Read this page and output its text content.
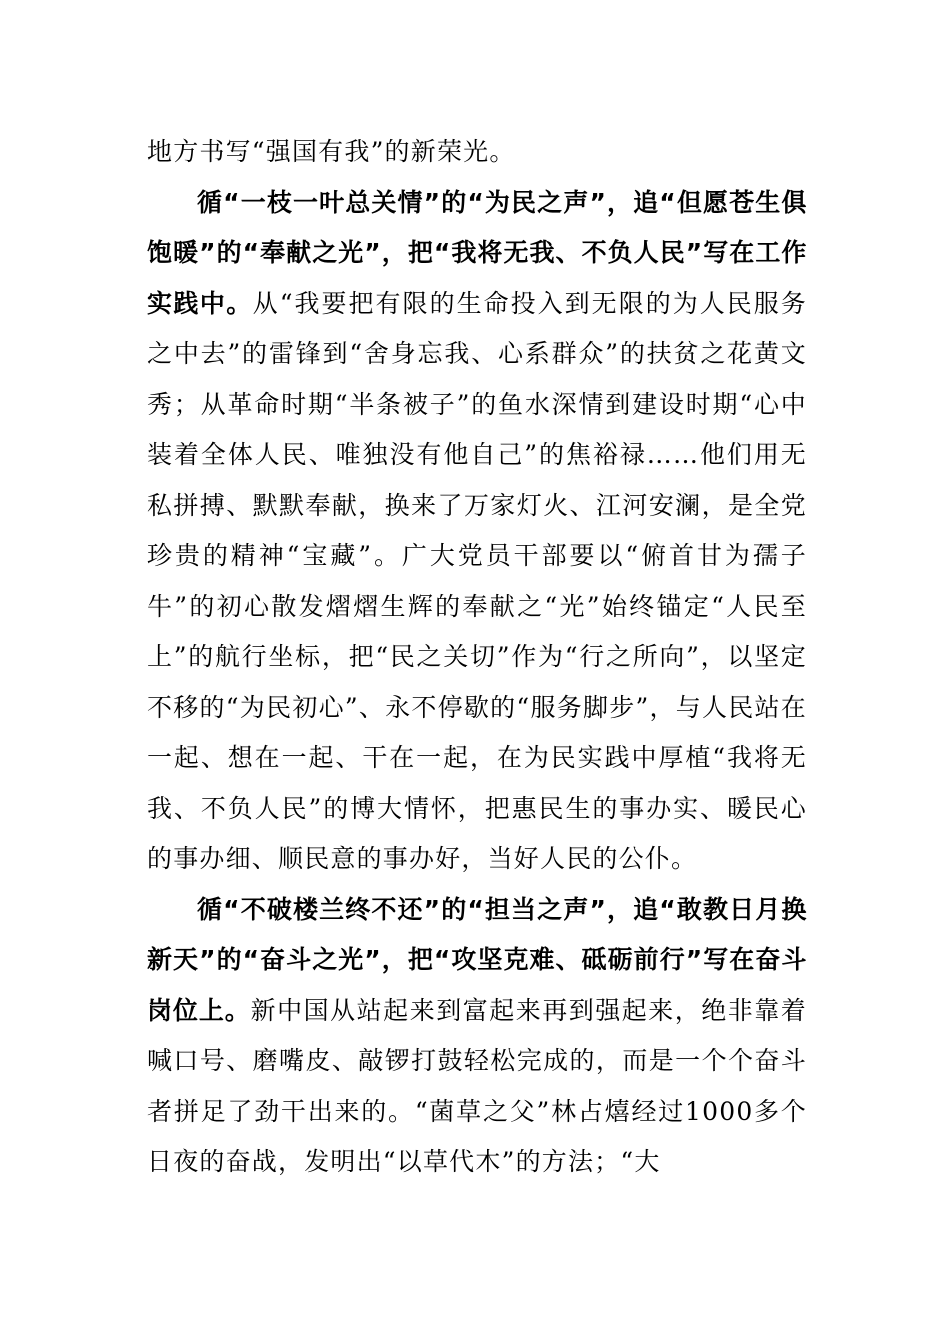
地方书写“强国有我”的新荣光。

循“一枝一叶总关情”的“为民之声”，追“但愿苍生俱饱暖”的“奉献之光”，把“我将无我、不负人民”写在工作实践中。从“我要把有限的生命投入到无限的为人民服务之中去”的雷锋到“舍身忘我、心系群众”的扶贫之花黄文秀；从革命时期“半条被子”的鱼水深情到建设时期“心中装着全体人民、唯独没有他自己”的焦裕禄……他们用无私拼搏、默默奉献，换来了万家灯火、江河安澜，是全党珍贵的精神“宝藏”。广大党员干部要以“俯首甘为孺子牛”的初心散发熠熠生辉的奉献之“光”始终锚定“人民至上”的航行坐标，把“民之关切”作为“行之所向”，以坚定不移的“为民初心”、永不停歇的“服务脚步”，与人民站在一起、想在一起、干在一起，在为民实践中厚植“我将无我、不负人民”的博大情怀，把惠民生的事办实、暖民心的事办细、顺民意的事办好，当好人民的公仆。

循“不破楼兰终不还”的“担当之声”，追“敢教日月换新天”的“奋斗之光”，把“攻坚克难、砥砺前行”写在奋斗岗位上。新中国从站起来到富起来再到强起来，绝非靠着喊口号、磨嘴皮、敲锣打鼓轻松完成的，而是一个个奋斗者拼足了劲干出来的。“菌草之父”林占熺经过1000多个日夜的奋战，发明出“以草代木”的方法；“大
